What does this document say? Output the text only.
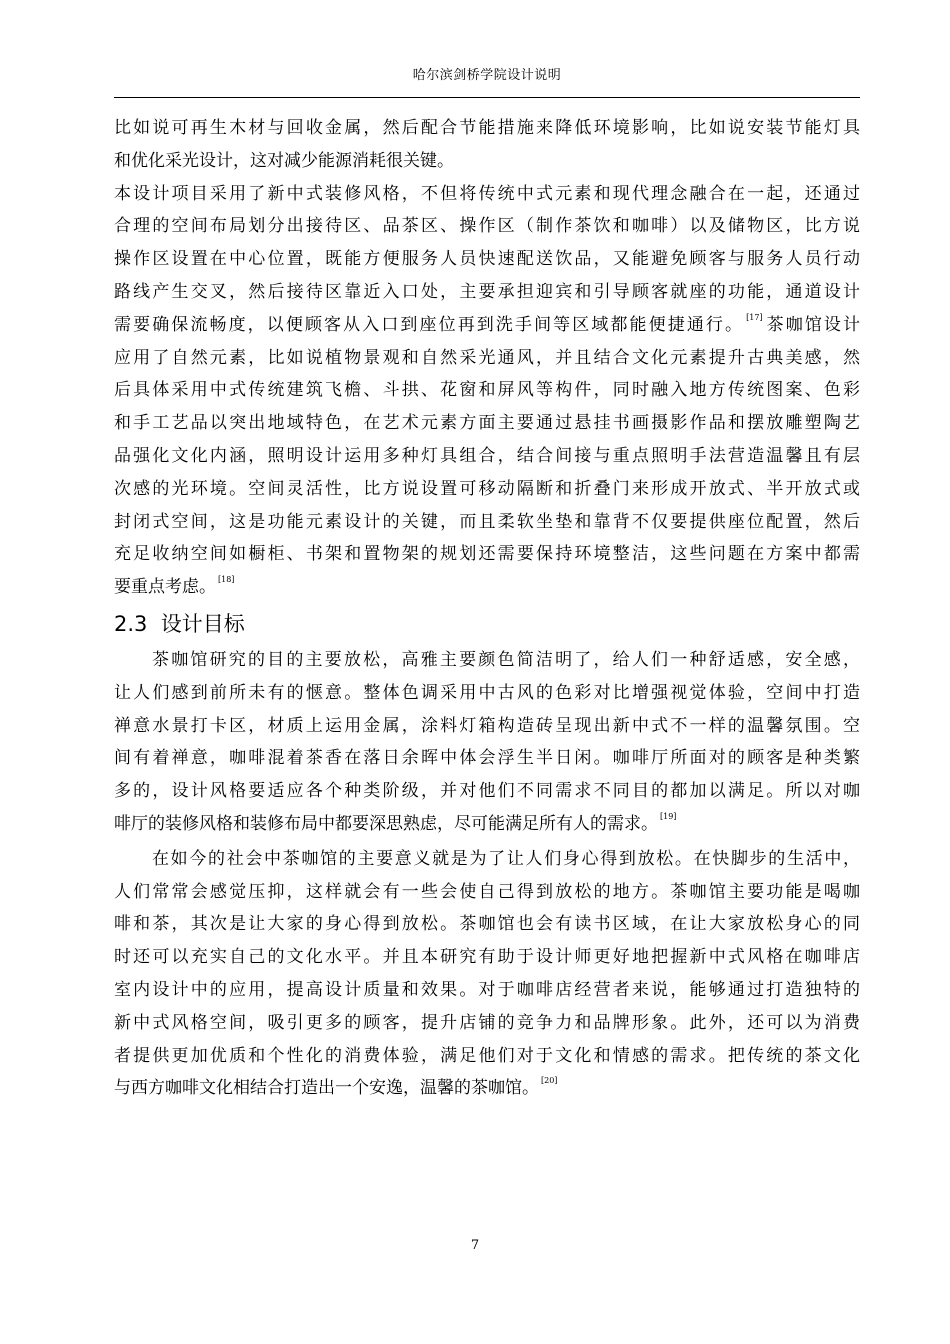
哈尔滨剑桥学院设计说明
比如说可再生木材与回收金属，然后配合节能措施来降低环境影响，比如说安装节能灯具
和优化采光设计，这对减少能源消耗很关键。
本设计项目采用了新中式装修风格，不但将传统中式元素和现代理念融合在一起，还通过
合理的空间布局划分出接待区、品茶区、操作区（制作茶饮和咖啡）以及储物区，比方说
操作区设置在中心位置，既能方便服务人员快速配送饮品，又能避免顾客与服务人员行动
路线产生交叉，然后接待区靠近入口处，主要承担迎宾和引导顾客就座的功能，通道设计
需要确保流畅度，以便顾客从入口到座位再到洗手间等区域都能便捷通行。 [17] 茶咖馆设计
应用了自然元素，比如说植物景观和自然采光通风，并且结合文化元素提升古典美感，然
后具体采用中式传统建筑飞檐、斗拱、花窗和屏风等构件，同时融入地方传统图案、色彩
和手工艺品以突出地域特色，在艺术元素方面主要通过悬挂书画摄影作品和摆放雕塑陶艺
品强化文化内涵，照明设计运用多种灯具组合，结合间接与重点照明手法营造温馨且有层
次感的光环境。空间灵活性，比方说设置可移动隔断和折叠门来形成开放式、半开放式或
封闭式空间，这是功能元素设计的关键，而且柔软坐垫和靠背不仅要提供座位配置，然后
充足收纳空间如橱柜、书架和置物架的规划还需要保持环境整洁，这些问题在方案中都需
要重点考虑。 [18]
2.3 设计目标
茶咖馆研究的目的主要放松，高雅主要颜色简洁明了，给人们一种舒适感，安全感，
让人们感到前所未有的惬意。整体色调采用中古风的色彩对比增强视觉体验，空间中打造
禅意水景打卡区，材质上运用金属，涂料灯箱构造砖呈现出新中式不一样的温馨氛围。空
间有着禅意，咖啡混着茶香在落日余晖中体会浮生半日闲。咖啡厅所面对的顾客是种类繁
多的，设计风格要适应各个种类阶级，并对他们不同需求不同目的都加以满足。所以对咖
啡厅的装修风格和装修布局中都要深思熟虑，尽可能满足所有人的需求。 [19]
在如今的社会中茶咖馆的主要意义就是为了让人们身心得到放松。在快脚步的生活中，
人们常常会感觉压抑，这样就会有一些会使自己得到放松的地方。茶咖馆主要功能是喝咖
啡和茶，其次是让大家的身心得到放松。茶咖馆也会有读书区域，在让大家放松身心的同
时还可以充实自己的文化水平。并且本研究有助于设计师更好地把握新中式风格在咖啡店
室内设计中的应用，提高设计质量和效果。对于咖啡店经营者来说，能够通过打造独特的
新中式风格空间，吸引更多的顾客，提升店铺的竞争力和品牌形象。此外，还可以为消费
者提供更加优质和个性化的消费体验，满足他们对于文化和情感的需求。把传统的茶文化
与西方咖啡文化相结合打造出一个安逸，温馨的茶咖馆。 [20]
7
